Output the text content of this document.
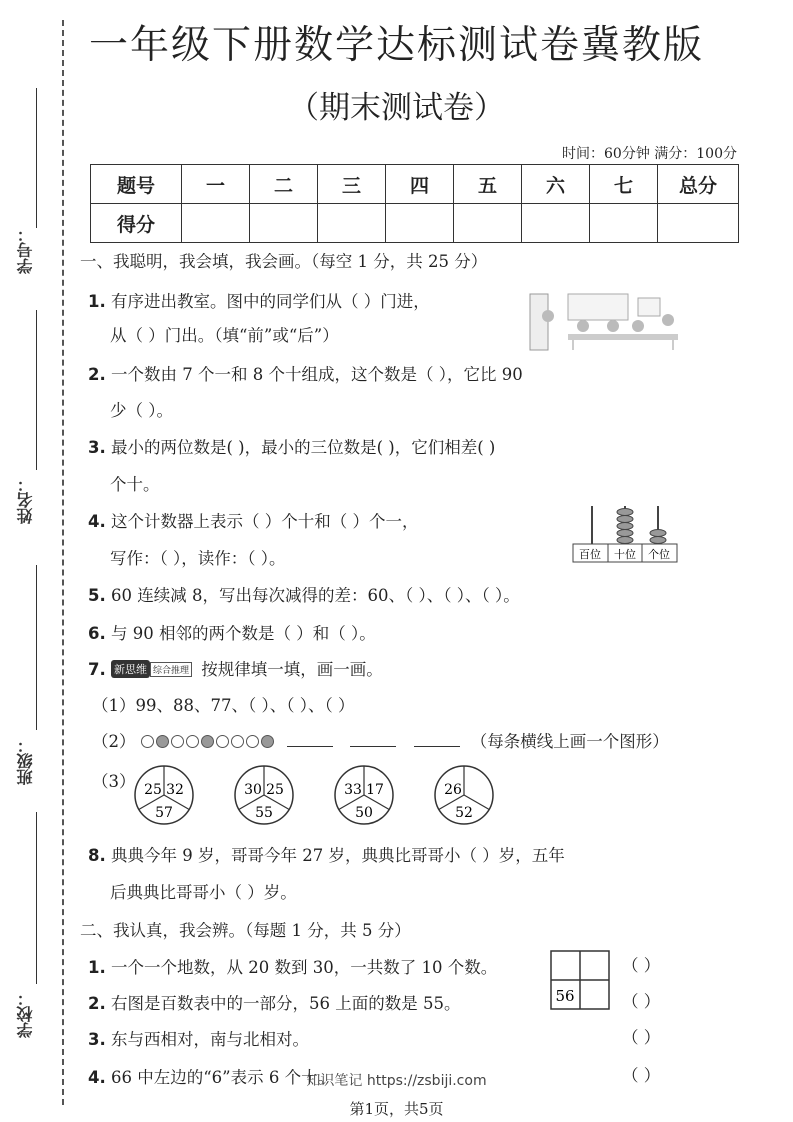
学号：
姓名：
班级：
学校：
一年级下册数学达标测试卷冀教版
（期末测试卷）
时间：60分钟 满分：100分
题号	一	二	三	四	五	六	七	总分
得分								
一、我聪明，我会填，我会画。（每空 1 分，共 25 分）
1. 有序进出教室。图中的同学们从（ ）门进，
从（ ）门出。（填“前”或“后”）
2. 一个数由 7 个一和 8 个十组成，这个数是（ ），它比 90
少（ ）。
3. 最小的两位数是( )，最小的三位数是( )，它们相差( )
个十。
4. 这个计数器上表示（ ）个十和（ ）个一，
写作：（ ），读作：（ ）。	百位 十位 个位
5. 60 连续减 8，写出每次减得的差：60、（ ）、（ ）、（ ）。
6. 与 90 相邻的两个数是（ ）和（ ）。
7. 新思维 综合推理 按规律填一填，画一画。
（1）99、88、77、（ ）、（ ）、（ ）
（2）	（每条横线上画一个图形）
（3） 25 32
57
30 25
55
33 17
50
26
52
8. 典典今年 9 岁，哥哥今年 27 岁，典典比哥哥小（ ）岁，五年
后典典比哥哥小（ ）岁。
二、我认真，我会辨。（每题 1 分，共 5 分）
1. 一个一个地数，从 20 数到 30，一共数了 10 个数。	（ ）
2. 右图是百数表中的一部分，56 上面的数是 55。	（ ）
56
3. 东与西相对，南与北相对。	（ ）
4. 66 中左边的“6”表示 6 个十。	（ ）
知识笔记 https://zsbiji.com
第1页，共5页
